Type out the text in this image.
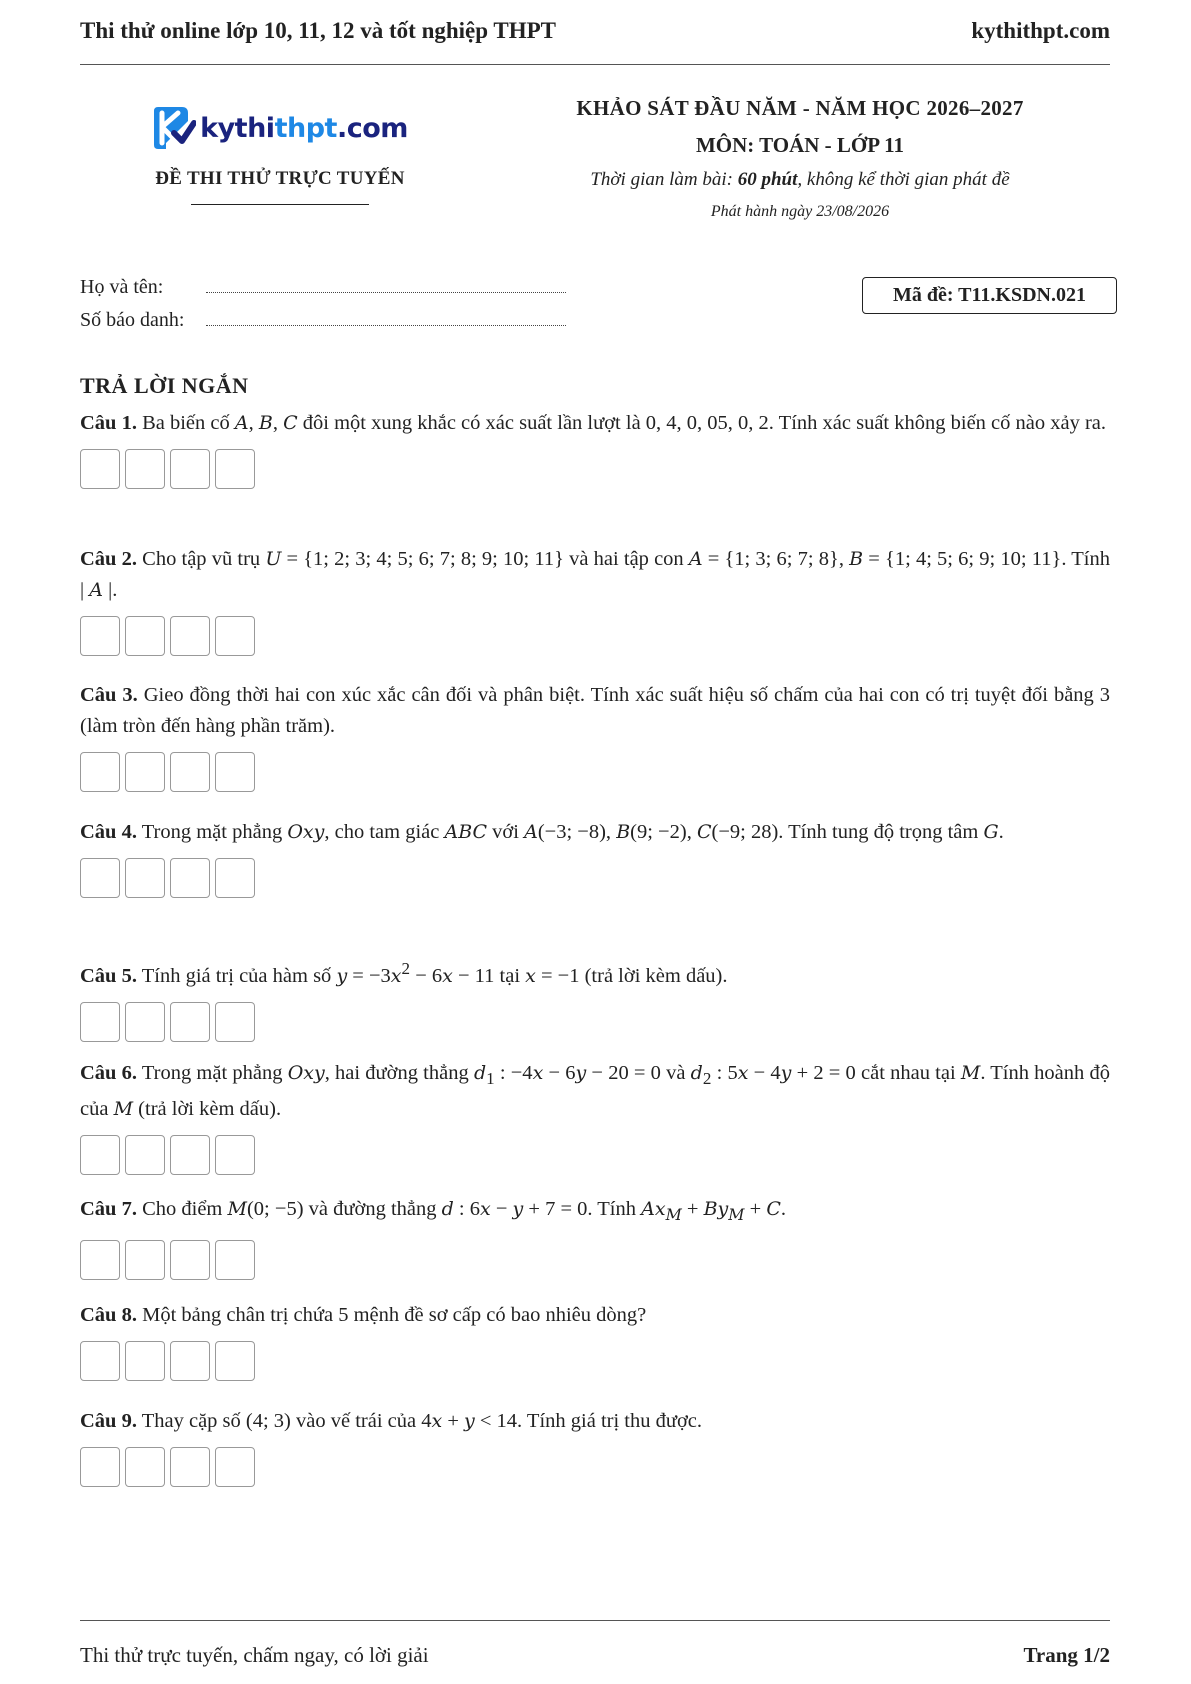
Thi thử online lớp 10, 11, 12 và tốt nghiệp THPT	kythithpt.com
kythithpt.com
ĐỀ THI THỬ TRỰC TUYẾN
KHẢO SÁT ĐẦU NĂM - NĂM HỌC 2026–2027
MÔN: TOÁN - LỚP 11
Thời gian làm bài: 60 phút, không kể thời gian phát đề
Phát hành ngày 23/08/2026
Họ và tên:
Số báo danh:
Mã đề: T11.KSDN.021
TRẢ LỜI NGẮN
Câu 1. Ba biến cố A, B, C đôi một xung khắc có xác suất lần lượt là 0, 4, 0, 05, 0, 2. Tính xác suất không biến cố nào xảy ra.
Câu 2. Cho tập vũ trụ U = {1; 2; 3; 4; 5; 6; 7; 8; 9; 10; 11} và hai tập con A = {1; 3; 6; 7; 8}, B = {1; 4; 5; 6; 9; 10; 11}. Tính | A |.
Câu 3. Gieo đồng thời hai con xúc xắc cân đối và phân biệt. Tính xác suất hiệu số chấm của hai con có trị tuyệt đối bằng 3 (làm tròn đến hàng phần trăm).
Câu 4. Trong mặt phẳng Oxy, cho tam giác ABC với A(−3; −8), B(9; −2), C(−9; 28). Tính tung độ trọng tâm G.
Câu 5. Tính giá trị của hàm số $y = -3x^2 - 6x - 11$ tại x = −1 (trả lời kèm dấu).
Câu 6. Trong mặt phẳng Oxy, hai đường thẳng $d_1$ : −4x − 6y − 20 = 0 và $d_2$ : 5x − 4y + 2 = 0 cắt nhau tại M. Tính hoành độ của M (trả lời kèm dấu).
Câu 7. Cho điểm M(0; −5) và đường thẳng d : 6x − y + 7 = 0. Tính $Ax_M + By_M + C$.
Câu 8. Một bảng chân trị chứa 5 mệnh đề sơ cấp có bao nhiêu dòng?
Câu 9. Thay cặp số (4; 3) vào vế trái của 4x + y < 14. Tính giá trị thu được.
Thi thử trực tuyến, chấm ngay, có lời giải	Trang 1/2
